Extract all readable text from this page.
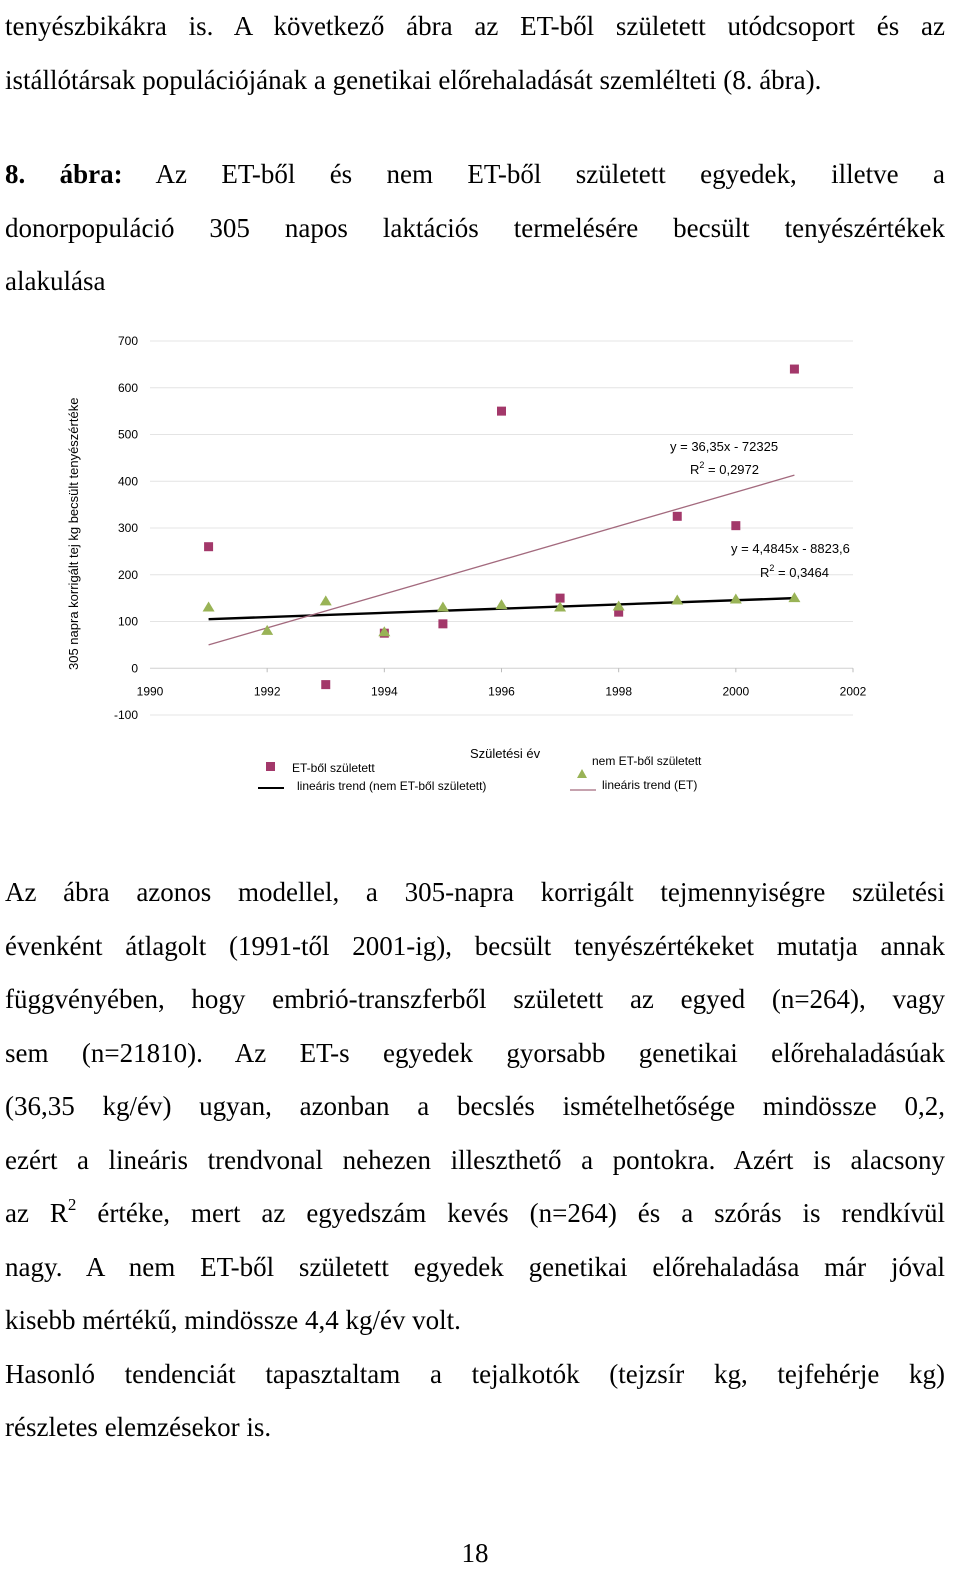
tenyészbikákra is. A következő ábra az ET-ből született utódcsoport és az
istállótársak populációjának a genetikai előrehaladását szemlélteti (8. ábra).
8. ábra: Az ET-ből és nem ET-ből született egyedek, illetve a
donorpopuláció 305 napos laktációs termelésére becsült tenyészértékek
alakulása
-100
0
100
200
300
400
500
600
700
1990	1992	1994	1996	1998	2000	2002
305 napra korrigált tej kg becsült tenyészértéke	y = 36,35x - 72325
$R^2 = 0,2972$
y = 4,4845x - 8823,6
$R^2 = 0,3464$
Születési év
ET-ből született	nem ET-ből született
lineáris trend (nem ET-ből született)	lineáris trend (ET)
Az ábra azonos modellel, a 305-napra korrigált tejmennyiségre születési
évenként átlagolt (1991-től 2001-ig), becsült tenyészértékeket mutatja annak
függvényében, hogy embrió-transzferből született az egyed (n=264), vagy
sem (n=21810). Az ET-s egyedek gyorsabb genetikai előrehaladásúak
(36,35 kg/év) ugyan, azonban a becslés ismételhetősége mindössze 0,2,
ezért a lineáris trendvonal nehezen illeszthető a pontokra. Azért is alacsony
az $R^2$ értéke, mert az egyedszám kevés (n=264) és a szórás is rendkívül
nagy. A nem ET-ből született egyedek genetikai előrehaladása már jóval
kisebb mértékű, mindössze 4,4 kg/év volt.
Hasonló tendenciát tapasztaltam a tejalkotók (tejzsír kg, tejfehérje kg)
részletes elemzésekor is.
18
